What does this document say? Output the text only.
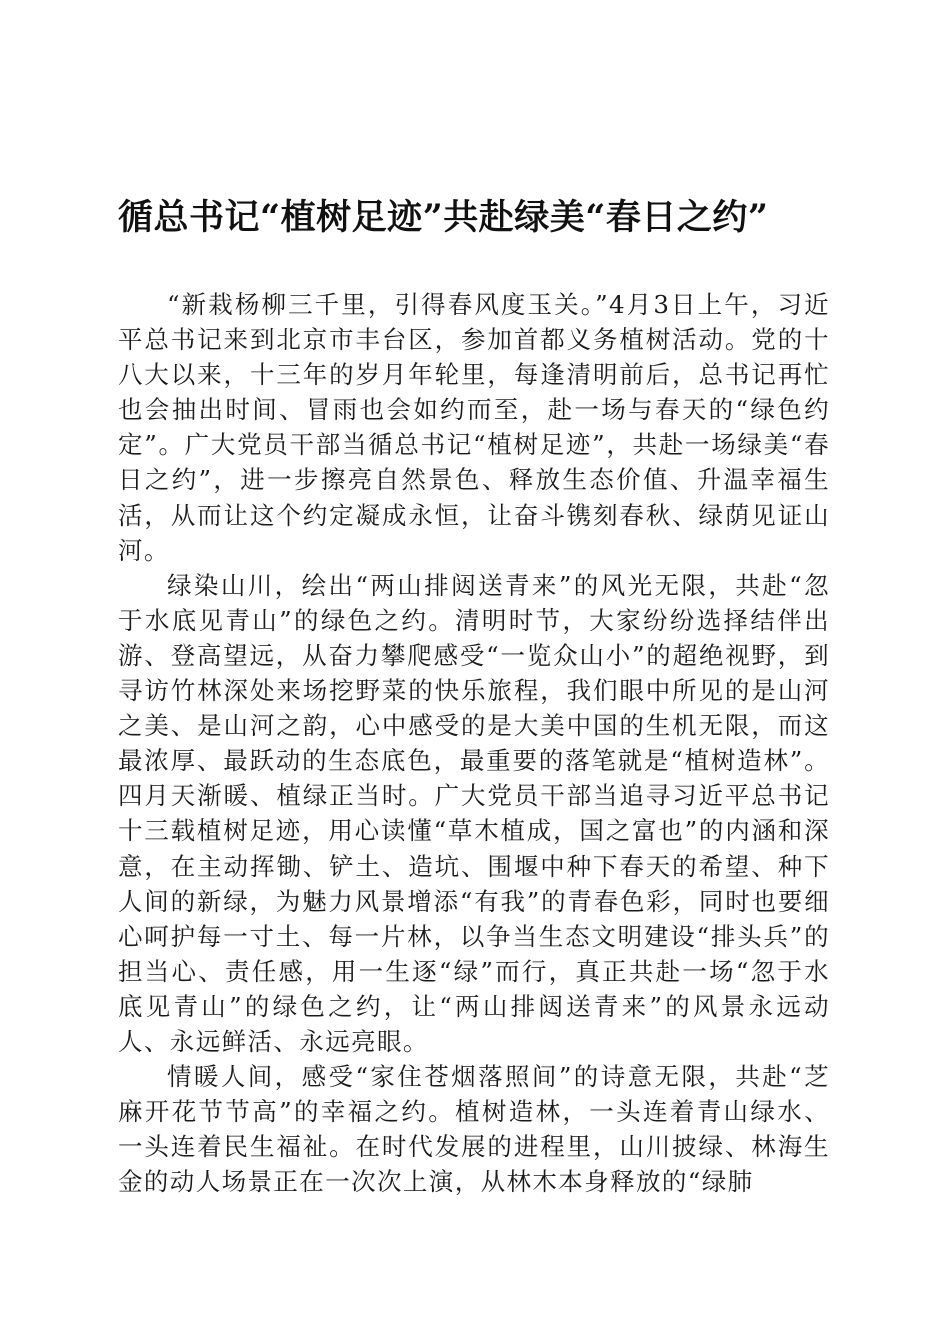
循总书记“植树足迹”共赴绿美“春日之约”

“新栽杨柳三千里，引得春风度玉关。”4月3日上午，习近平总书记来到北京市丰台区，参加首都义务植树活动。党的十八大以来，十三年的岁月年轮里，每逢清明前后，总书记再忙也会抽出时间、冒雨也会如约而至，赴一场与春天的“绿色约定”。广大党员干部当循总书记“植树足迹”，共赴一场绿美“春日之约”，进一步擦亮自然景色、释放生态价值、升温幸福生活，从而让这个约定凝成永恒，让奋斗镌刻春秋、绿荫见证山河。

绿染山川，绘出“两山排闼送青来”的风光无限，共赴“忽于水底见青山”的绿色之约。清明时节，大家纷纷选择结伴出游、登高望远，从奋力攀爬感受“一览众山小”的超绝视野，到寻访竹林深处来场挖野菜的快乐旅程，我们眼中所见的是山河之美、是山河之韵，心中感受的是大美中国的生机无限，而这最浓厚、最跃动的生态底色，最重要的落笔就是“植树造林”。四月天渐暖、植绿正当时。广大党员干部当追寻习近平总书记十三载植树足迹，用心读懂“草木植成，国之富也”的内涵和深意，在主动挥锄、铲土、造坑、围堰中种下春天的希望、种下人间的新绿，为魅力风景增添“有我”的青春色彩，同时也要细心呵护每一寸土、每一片林，以争当生态文明建设“排头兵”的担当心、责任感，用一生逐“绿”而行，真正共赴一场“忽于水底见青山”的绿色之约，让“两山排闼送青来”的风景永远动人、永远鲜活、永远亮眼。

情暖人间，感受“家住苍烟落照间”的诗意无限，共赴“芝麻开花节节高”的幸福之约。植树造林，一头连着青山绿水、一头连着民生福祉。在时代发展的进程里，山川披绿、林海生金的动人场景正在一次次上演，从林木本身释放的“绿肺
